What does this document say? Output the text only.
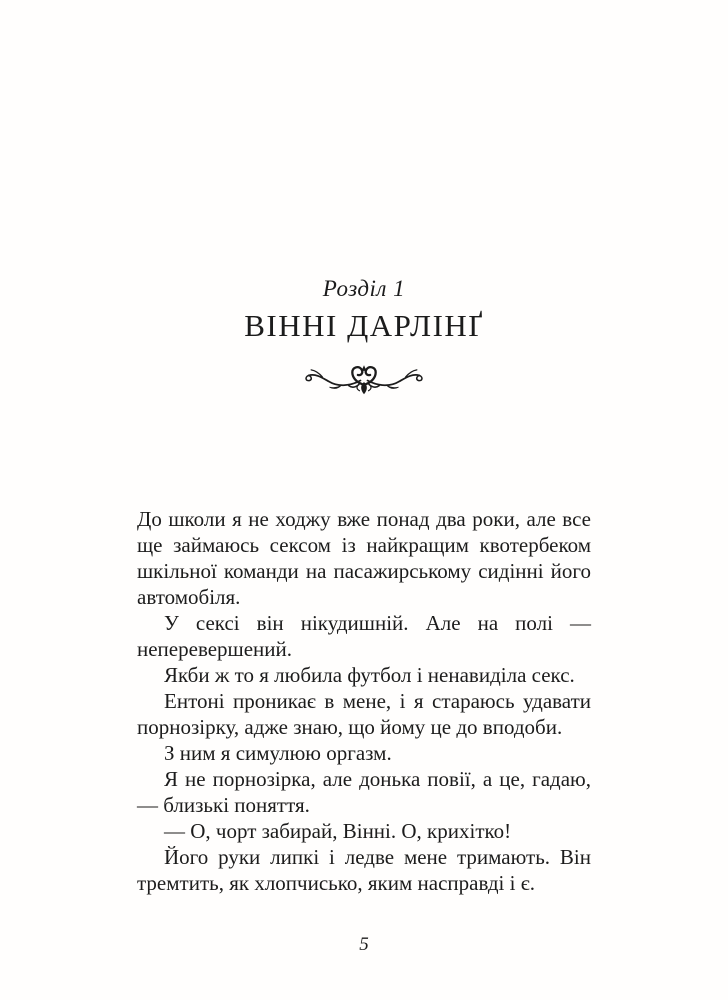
Розділ 1
ВІННІ ДАРЛІНҐ

До школи я не ходжу вже понад два роки, але все ще займаюсь сексом із найкращим квотербеком шкільної команди на пасажирському сидінні його автомобіля.

У сексі він нікудишній. Але на полі — неперевершений.

Якби ж то я любила футбол і ненавиділа секс.

Ентоні проникає в мене, і я стараюсь удавати порнозірку, адже знаю, що йому це до вподоби.

З ним я симулюю оргазм.

Я не порнозірка, але донька повії, а це, гадаю, — близькі поняття.

— О, чорт забирай, Вінні. О, крихітко!

Його руки липкі і ледве мене тримають. Він тремтить, як хлопчисько, яким насправді і є.

5
